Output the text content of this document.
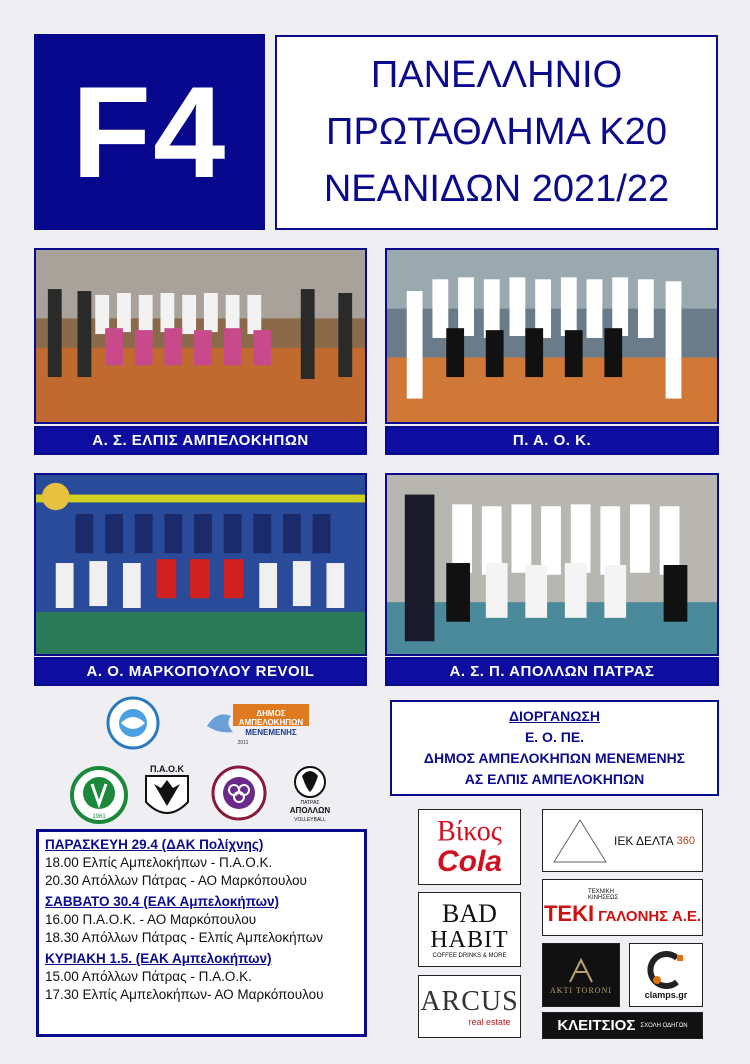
F4	ΠΑΝΕΛΛΗΝΙΟ
ΠΡΩΤΑΘΛΗΜΑ Κ20
ΝΕΑΝΙΔΩΝ 2021/22
Α. Σ. ΕΛΠΙΣ ΑΜΠΕΛΟΚΗΠΩΝ	Π. Α. Ο. Κ.
Α. Ο. ΜΑΡΚΟΠΟΥΛΟΥ REVOIL	Α. Σ. Π. ΑΠΟΛΛΩΝ ΠΑΤΡΑΣ
ΔΗΜΟΣ
ΑΜΠΕΛΟΚΗΠΩΝ
ΜΕΝΕΜΕΝΗΣ
2011
1961
Π.Α.Ο.Κ
ΠΑΤΡΑΣ
ΑΠΟΛΛΩΝ
VOLLEYBALL
ΔΙΟΡΓΑΝΩΣΗ
Ε. Ο. ΠΕ.
ΔΗΜΟΣ ΑΜΠΕΛΟΚΗΠΩΝ ΜΕΝΕΜΕΝΗΣ
ΑΣ ΕΛΠΙΣ ΑΜΠΕΛΟΚΗΠΩΝ
ΠΑΡΑΣΚΕΥΗ 29.4 (ΔΑΚ Πολίχνης)
18.00 Ελπίς Αμπελοκήπων - Π.Α.Ο.Κ.
20.30 Απόλλων Πάτρας - ΑΟ Μαρκόπουλου
ΣΑΒΒΑΤΟ 30.4 (ΕΑΚ Αμπελοκήπων)
16.00 Π.Α.Ο.Κ. - ΑΟ Μαρκόπουλου
18.30 Απόλλων Πάτρας - Ελπίς Αμπελοκήπων
ΚΥΡΙΑΚΗ 1.5. (ΕΑΚ Αμπελοκήπων)
15.00 Απόλλων Πάτρας - Π.Α.Ο.Κ.
17.30 Ελπίς Αμπελοκήπων- ΑΟ Μαρκόπουλου
Βίκος
Cola
ΙΕΚ ΔΕΛΤΑ 360
BAD
HABIT
COFFEE DRINKS & MORE
ΤΕΧΝΙΚΗ
ΚΙΝΗΣΕΩΣ
ΤΕΚΙ ΓΑΛΟΝΗΣ Α.Ε.
AKTI TORONI	clamps.gr
ARCUS
real estate	ΚΛΕΙΤΣΙΟΣ ΣΧΟΛΗ ΟΔΗΓΩΝ
